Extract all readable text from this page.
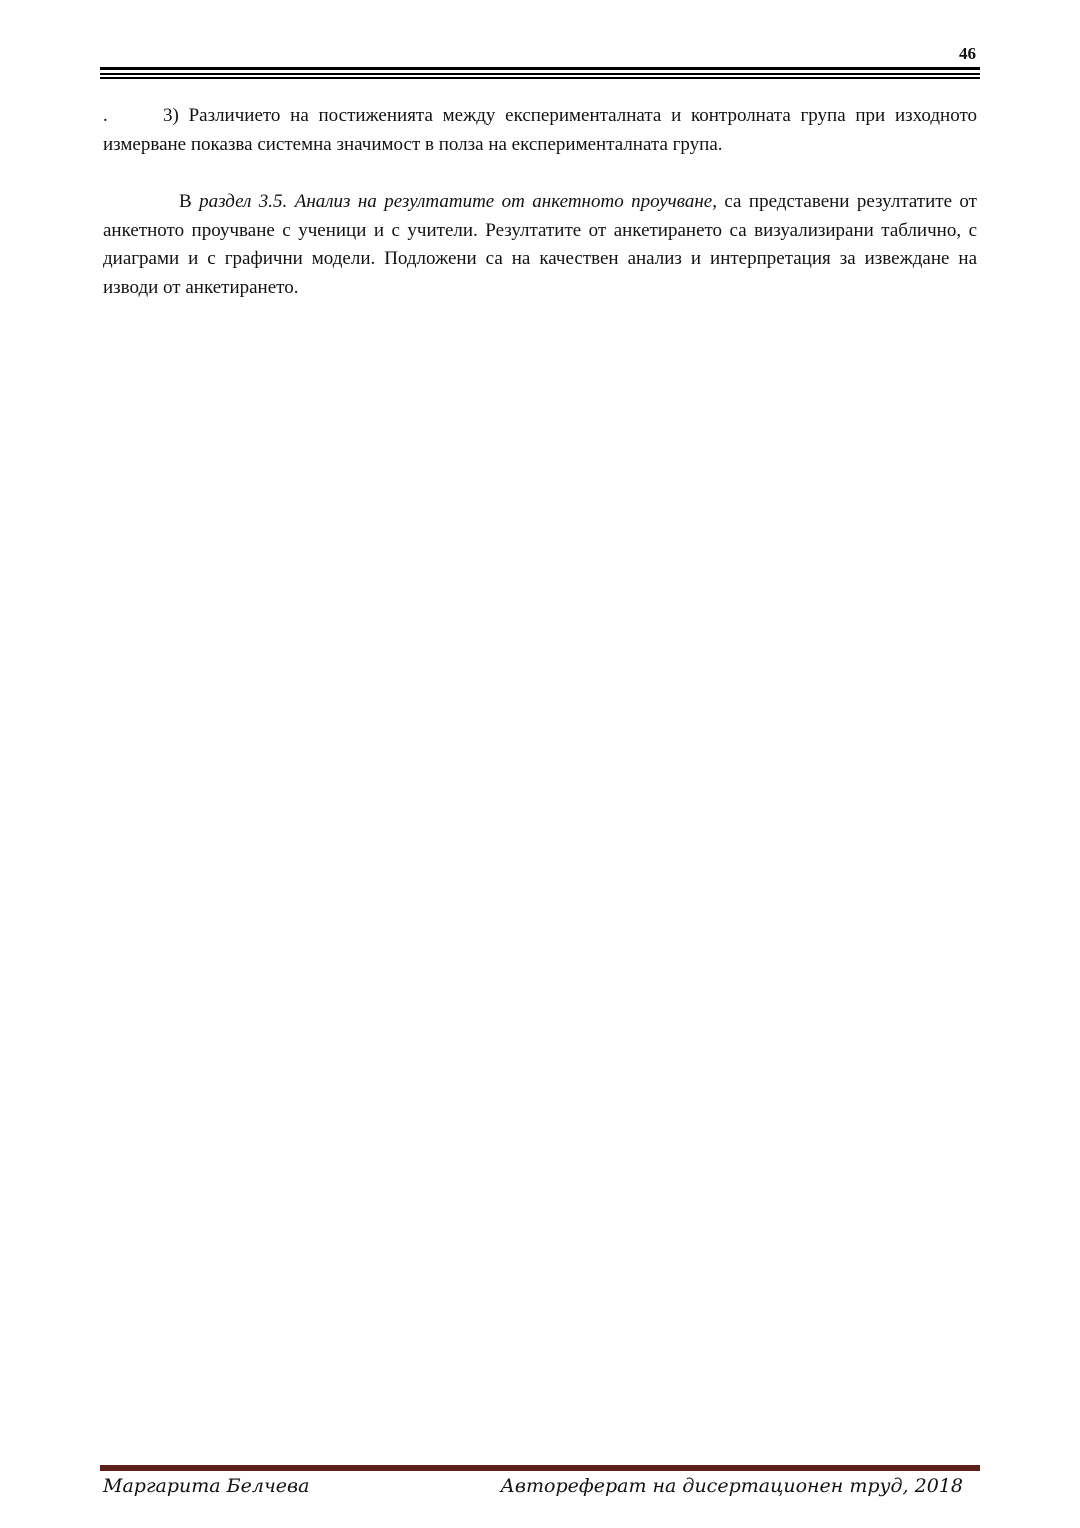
46

.	3) Различието на постиженията между експерименталната и контролната група при изходното измерване показва системна значимост в полза на експерименталната група.

В раздел 3.5. Анализ на резултатите от анкетното проучване, са представени резултатите от анкетното проучване с ученици и с учители. Резултатите от анкетирането са визуализирани таблично, с диаграми и с графични модели. Подложени са на качествен анализ и интерпретация за извеждане на изводи от анкетирането.

Маргарита Белчева	Автореферат на дисертационен труд, 2018
